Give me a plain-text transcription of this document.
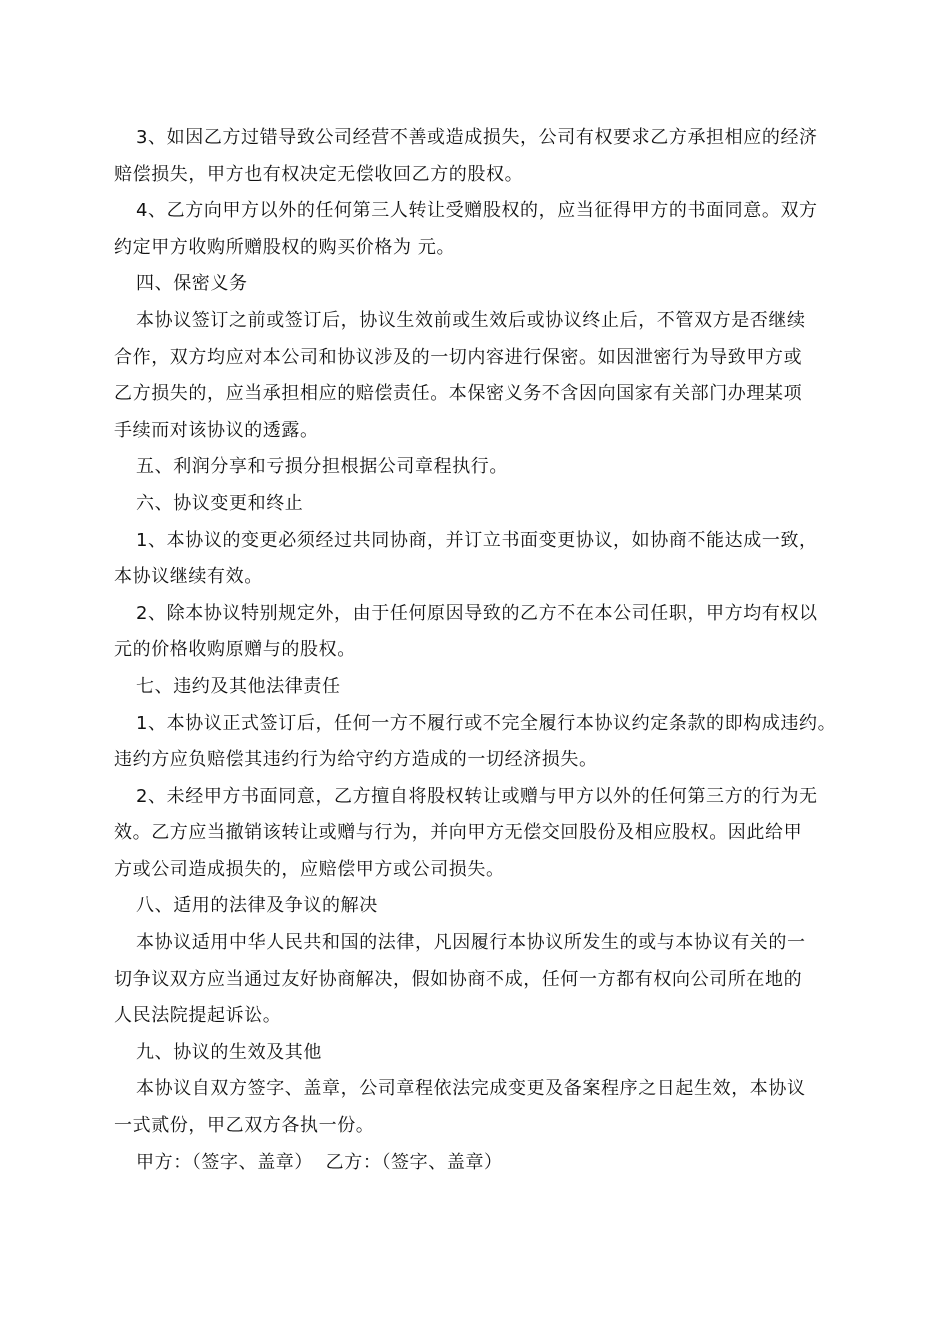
3、如因乙方过错导致公司经营不善或造成损失，公司有权要求乙方承担相应的经济
赔偿损失，甲方也有权决定无偿收回乙方的股权。

4、乙方向甲方以外的任何第三人转让受赠股权的，应当征得甲方的书面同意。双方
约定甲方收购所赠股权的购买价格为 元。

四、保密义务

本协议签订之前或签订后，协议生效前或生效后或协议终止后，不管双方是否继续
合作，双方均应对本公司和协议涉及的一切内容进行保密。如因泄密行为导致甲方或
乙方损失的，应当承担相应的赔偿责任。本保密义务不含因向国家有关部门办理某项
手续而对该协议的透露。

五、利润分享和亏损分担根据公司章程执行。

六、协议变更和终止

1、本协议的变更必须经过共同协商，并订立书面变更协议，如协商不能达成一致，
本协议继续有效。

2、除本协议特别规定外，由于任何原因导致的乙方不在本公司任职，甲方均有权以
元的价格收购原赠与的股权。

七、违约及其他法律责任

1、本协议正式签订后，任何一方不履行或不完全履行本协议约定条款的即构成违约。
违约方应负赔偿其违约行为给守约方造成的一切经济损失。

2、未经甲方书面同意，乙方擅自将股权转让或赠与甲方以外的任何第三方的行为无
效。乙方应当撤销该转让或赠与行为，并向甲方无偿交回股份及相应股权。因此给甲
方或公司造成损失的，应赔偿甲方或公司损失。

八、适用的法律及争议的解决

本协议适用中华人民共和国的法律，凡因履行本协议所发生的或与本协议有关的一
切争议双方应当通过友好协商解决，假如协商不成，任何一方都有权向公司所在地的
人民法院提起诉讼。

九、协议的生效及其他

本协议自双方签字、盖章，公司章程依法完成变更及备案程序之日起生效，本协议
一式贰份，甲乙双方各执一份。

甲方：（签字、盖章）  乙方：（签字、盖章）
